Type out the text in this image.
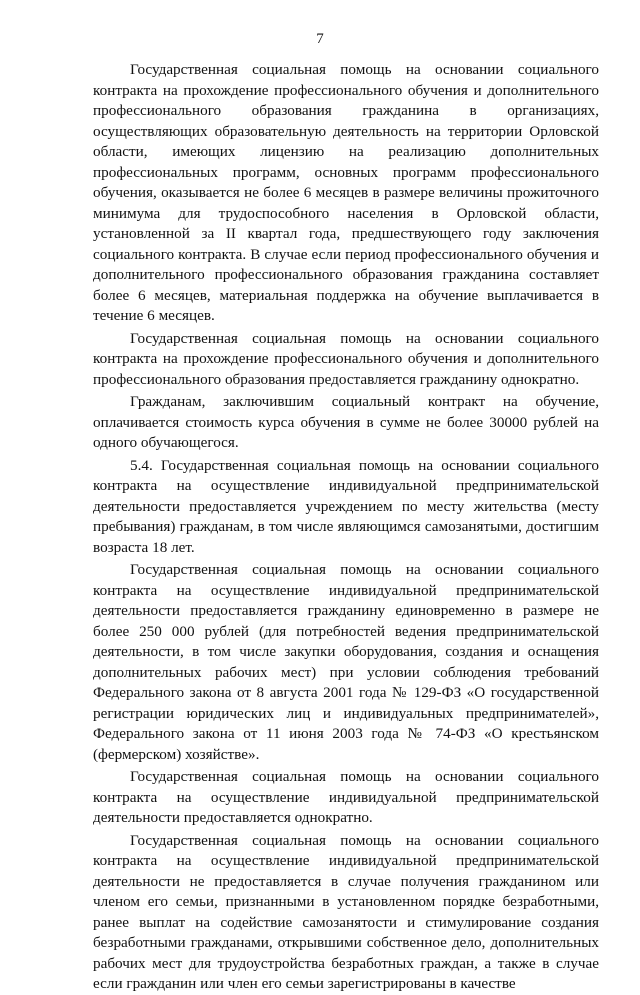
7

Государственная социальная помощь на основании социального контракта на прохождение профессионального обучения и дополнительного профессионального образования гражданина в организациях, осуществляющих образовательную деятельность на территории Орловской области, имеющих лицензию на реализацию дополнительных профессиональных программ, основных программ профессионального обучения, оказывается не более 6 месяцев в размере величины прожиточного минимума для трудоспособного населения в Орловской области, установленной за II квартал года, предшествующего году заключения социального контракта. В случае если период профессионального обучения и дополнительного профессионального образования гражданина составляет более 6 месяцев, материальная поддержка на обучение выплачивается в течение 6 месяцев.

Государственная социальная помощь на основании социального контракта на прохождение профессионального обучения и дополнительного профессионального образования предоставляется гражданину однократно.

Гражданам, заключившим социальный контракт на обучение, оплачивается стоимость курса обучения в сумме не более 30000 рублей на одного обучающегося.

5.4. Государственная социальная помощь на основании социального контракта на осуществление индивидуальной предпринимательской деятельности предоставляется учреждением по месту жительства (месту пребывания) гражданам, в том числе являющимся самозанятыми, достигшим возраста 18 лет.

Государственная социальная помощь на основании социального контракта на осуществление индивидуальной предпринимательской деятельности предоставляется гражданину единовременно в размере не более 250 000 рублей (для потребностей ведения предпринимательской деятельности, в том числе закупки оборудования, создания и оснащения дополнительных рабочих мест) при условии соблюдения требований Федерального закона от 8 августа 2001 года № 129-ФЗ «О государственной регистрации юридических лиц и индивидуальных предпринимателей», Федерального закона от 11 июня 2003 года № 74-ФЗ «О крестьянском (фермерском) хозяйстве».

Государственная социальная помощь на основании социального контракта на осуществление индивидуальной предпринимательской деятельности предоставляется однократно.

Государственная социальная помощь на основании социального контракта на осуществление индивидуальной предпринимательской деятельности не предоставляется в случае получения гражданином или членом его семьи, признанными в установленном порядке безработными, ранее выплат на содействие самозанятости и стимулирование создания безработными гражданами, открывшими собственное дело, дополнительных рабочих мест для трудоустройства безработных граждан, а также в случае если гражданин или член его семьи зарегистрированы в качестве
